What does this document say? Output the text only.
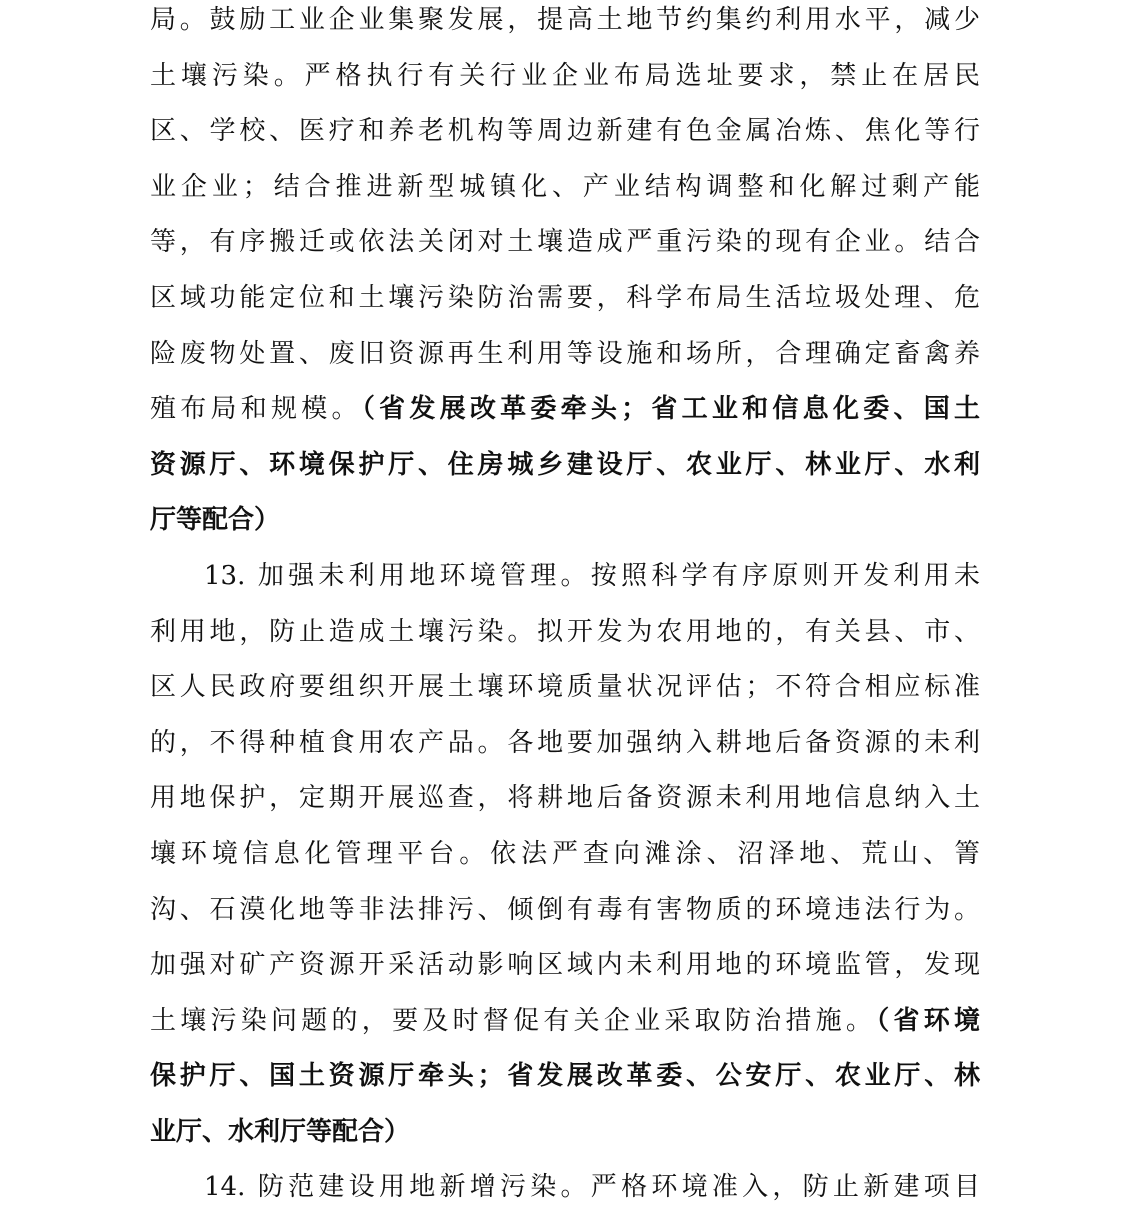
局。鼓励工业企业集聚发展，提高土地节约集约利用水平，减少
土壤污染。严格执行有关行业企业布局选址要求，禁止在居民
区、学校、医疗和养老机构等周边新建有色金属冶炼、焦化等行
业企业；结合推进新型城镇化、产业结构调整和化解过剩产能
等，有序搬迁或依法关闭对土壤造成严重污染的现有企业。结合
区域功能定位和土壤污染防治需要，科学布局生活垃圾处理、危
险废物处置、废旧资源再生利用等设施和场所，合理确定畜禽养
殖布局和规模。（省发展改革委牵头；省工业和信息化委、国土
资源厅、环境保护厅、住房城乡建设厅、农业厅、林业厅、水利
厅等配合）
13. 加强未利用地环境管理。按照科学有序原则开发利用未
利用地，防止造成土壤污染。拟开发为农用地的，有关县、市、
区人民政府要组织开展土壤环境质量状况评估；不符合相应标准
的，不得种植食用农产品。各地要加强纳入耕地后备资源的未利
用地保护，定期开展巡查，将耕地后备资源未利用地信息纳入土
壤环境信息化管理平台。依法严查向滩涂、沼泽地、荒山、箐
沟、石漠化地等非法排污、倾倒有毒有害物质的环境违法行为。
加强对矿产资源开采活动影响区域内未利用地的环境监管，发现
土壤污染问题的，要及时督促有关企业采取防治措施。（省环境
保护厅、国土资源厅牵头；省发展改革委、公安厅、农业厅、林
业厅、水利厅等配合）
14. 防范建设用地新增污染。严格环境准入，防止新建项目
